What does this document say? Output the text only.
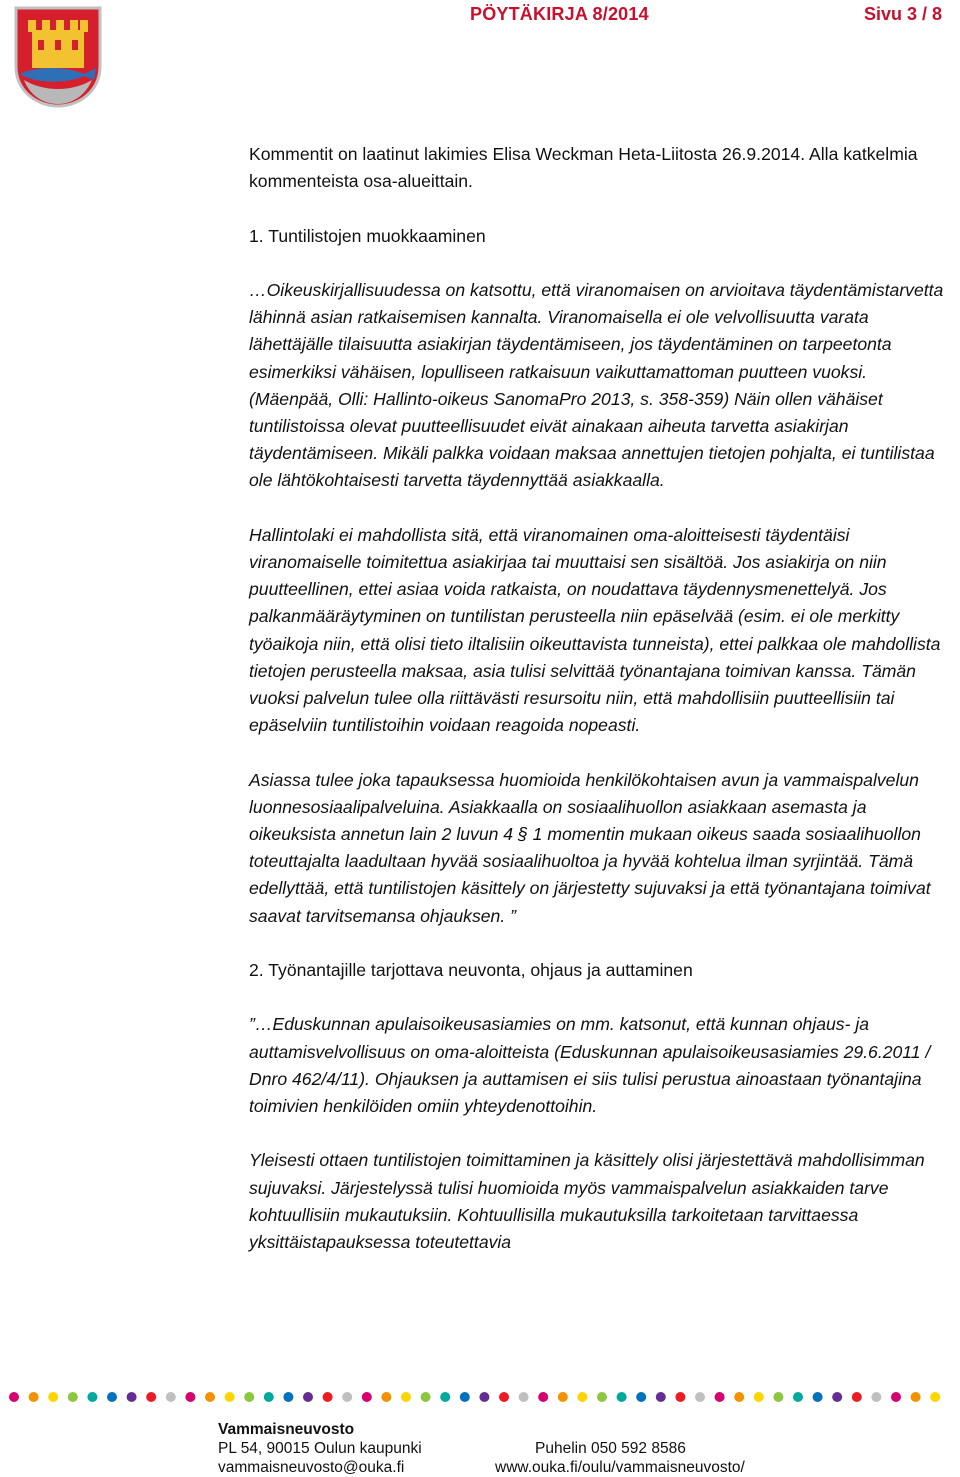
PÖYTÄKIRJA 8/2014	Sivu 3 / 8

Kommentit on laatinut lakimies Elisa Weckman Heta-Liitosta 26.9.2014. Alla katkelmia kommenteista osa-alueittain.

1. Tuntilistojen muokkaaminen

…Oikeuskirjallisuudessa on katsottu, että viranomaisen on arvioitava täydentämistarvetta lähinnä asian ratkaisemisen kannalta. Viranomaisella ei ole velvollisuutta varata lähettäjälle tilaisuutta asiakirjan täydentämiseen, jos täydentäminen on tarpeetonta esimerkiksi vähäisen, lopulliseen ratkaisuun vaikuttamattoman puutteen vuoksi. (Mäenpää, Olli: Hallinto-oikeus SanomaPro 2013, s. 358-359) Näin ollen vähäiset tuntilistoissa olevat puutteellisuudet eivät ainakaan aiheuta tarvetta asiakirjan täydentämiseen. Mikäli palkka voidaan maksaa annettujen tietojen pohjalta, ei tuntilistaa ole lähtökohtaisesti tarvetta täydennyttää asiakkaalla.

Hallintolaki ei mahdollista sitä, että viranomainen oma-aloitteisesti täydentäisi viranomaiselle toimitettua asiakirjaa tai muuttaisi sen sisältöä. Jos asiakirja on niin puutteellinen, ettei asiaa voida ratkaista, on noudattava täydennysmenettelyä. Jos palkanmääräytyminen on tuntilistan perusteella niin epäselvää (esim. ei ole merkitty työaikoja niin, että olisi tieto iltalisiin oikeuttavista tunneista), ettei palkkaa ole mahdollista tietojen perusteella maksaa, asia tulisi selvittää työnantajana toimivan kanssa. Tämän vuoksi palvelun tulee olla riittävästi resursoitu niin, että mahdollisiin puutteellisiin tai epäselviin tuntilistoihin voidaan reagoida nopeasti.

Asiassa tulee joka tapauksessa huomioida henkilökohtaisen avun ja vammaispalvelun luonnesosiaalipalveluina. Asiakkaalla on sosiaalihuollon asiakkaan asemasta ja oikeuksista annetun lain 2 luvun 4 § 1 momentin mukaan oikeus saada sosiaalihuollon toteuttajalta laadultaan hyvää sosiaalihuoltoa ja hyvää kohtelua ilman syrjintää. Tämä edellyttää, että tuntilistojen käsittely on järjestetty sujuvaksi ja että työnantajana toimivat saavat tarvitsemansa ohjauksen. ”

2. Työnantajille tarjottava neuvonta, ohjaus ja auttaminen

”…Eduskunnan apulaisoikeusasiamies on mm. katsonut, että kunnan ohjaus- ja auttamisvelvollisuus on oma-aloitteista (Eduskunnan apulaisoikeusasiamies 29.6.2011 / Dnro 462/4/11). Ohjauksen ja auttamisen ei siis tulisi perustua ainoastaan työnantajina toimivien henkilöiden omiin yhteydenottoihin.

Yleisesti ottaen tuntilistojen toimittaminen ja käsittely olisi järjestettävä mahdollisimman sujuvaksi. Järjestelyssä tulisi huomioida myös vammaispalvelun asiakkaiden tarve kohtuullisiin mukautuksiin. Kohtuullisilla mukautuksilla tarkoitetaan tarvittaessa yksittäistapauksessa toteutettavia

Vammaisneuvosto
PL 54, 90015 Oulun kaupunki	Puhelin 050 592 8586
vammaisneuvosto@ouka.fi	www.ouka.fi/oulu/vammaisneuvosto/
